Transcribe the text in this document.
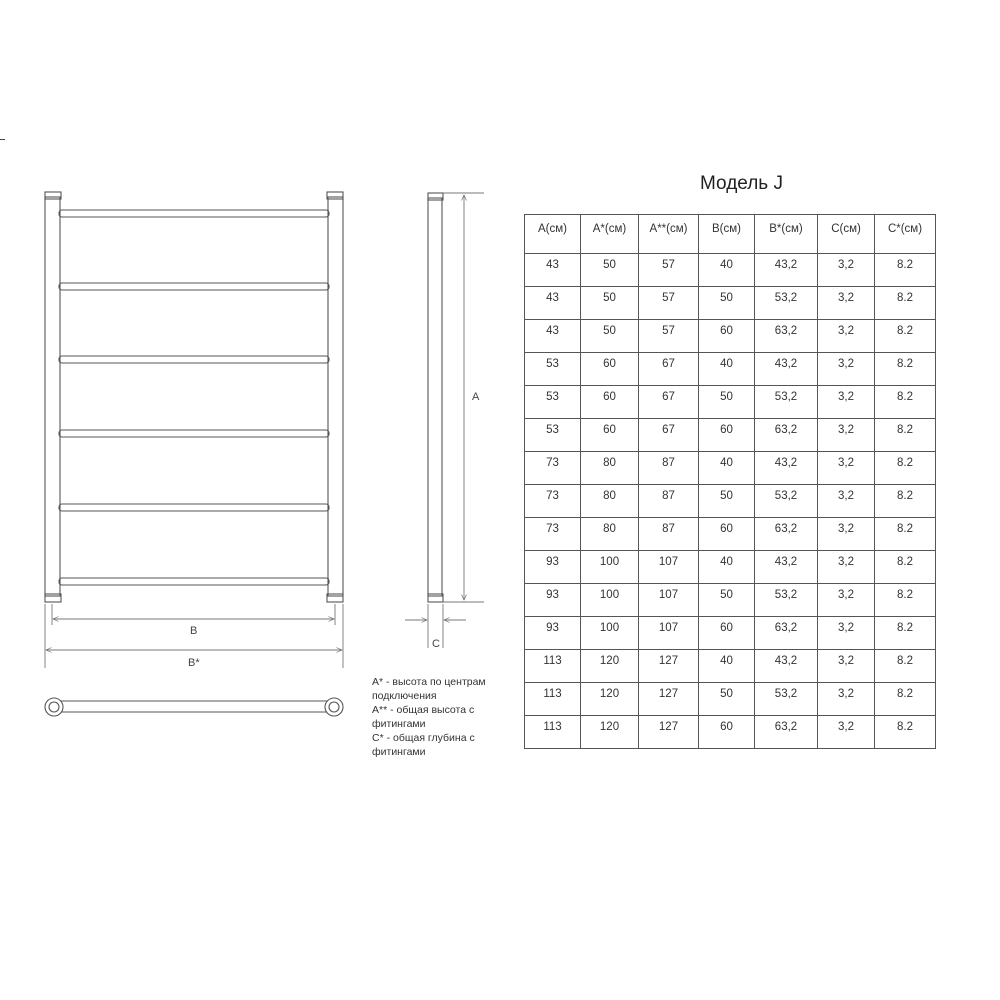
B
B*
A
C
A* - высота по центрам
подключения
A** - общая высота с
фитингами
C* - общая глубина с
фитингами
Модель J
A(см)	A*(см)	A**(см)	B(см)	B*(см)	C(см)	C*(см)
43	50	57	40	43,2	3,2	8.2
43	50	57	50	53,2	3,2	8.2
43	50	57	60	63,2	3,2	8.2
53	60	67	40	43,2	3,2	8.2
53	60	67	50	53,2	3,2	8.2
53	60	67	60	63,2	3,2	8.2
73	80	87	40	43,2	3,2	8.2
73	80	87	50	53,2	3,2	8.2
73	80	87	60	63,2	3,2	8.2
93	100	107	40	43,2	3,2	8.2
93	100	107	50	53,2	3,2	8.2
93	100	107	60	63,2	3,2	8.2
113	120	127	40	43,2	3,2	8.2
113	120	127	50	53,2	3,2	8.2
113	120	127	60	63,2	3,2	8.2
